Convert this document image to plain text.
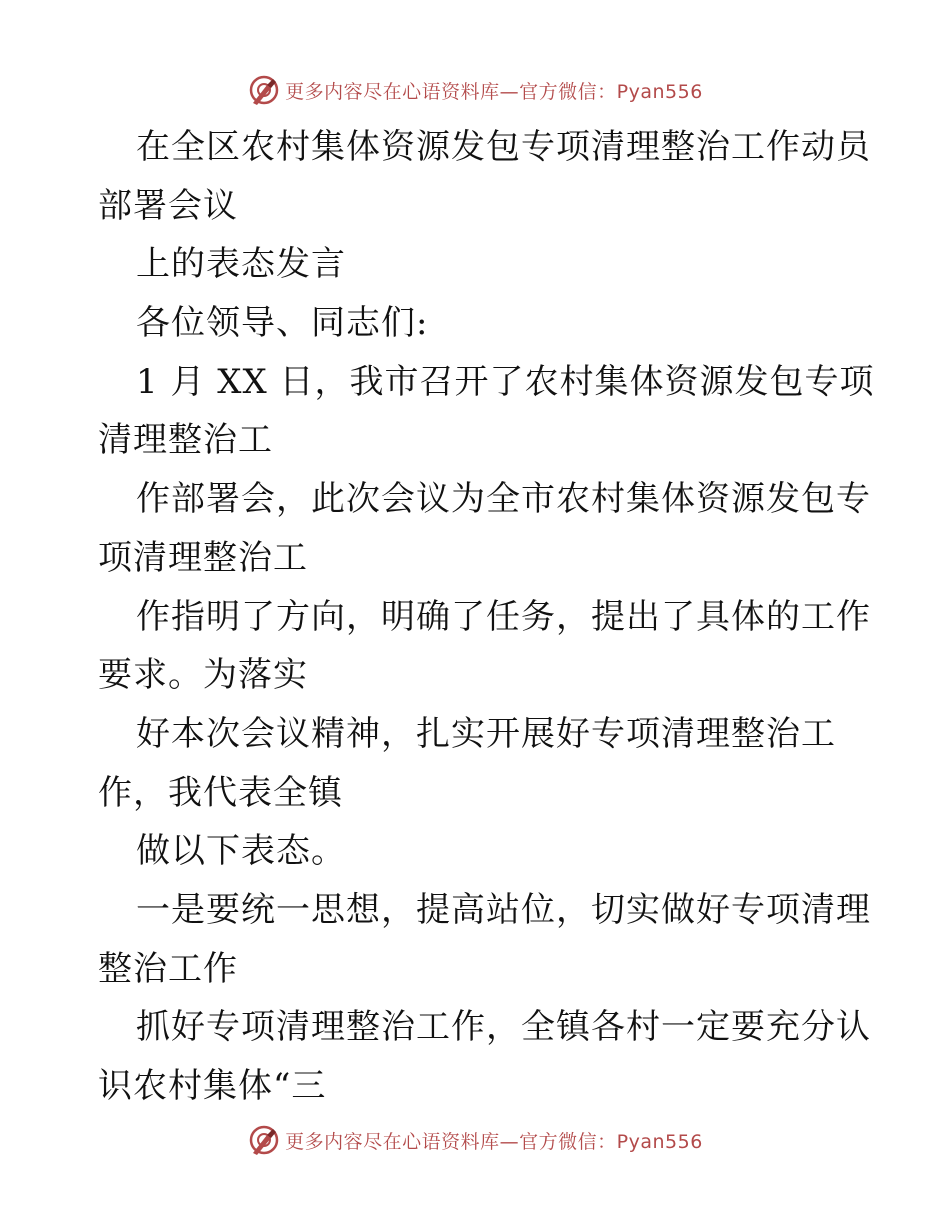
更多内容尽在心语资料库—官方微信：Pyan556
在全区农村集体资源发包专项清理整治工作动员
部署会议
上的表态发言
各位领导、同志们:
1 月 XX 日，我市召开了农村集体资源发包专项
清理整治工
作部署会，此次会议为全市农村集体资源发包专
项清理整治工
作指明了方向，明确了任务，提出了具体的工作
要求。为落实
好本次会议精神，扎实开展好专项清理整治工
作，我代表全镇
做以下表态。
一是要统一思想，提高站位，切实做好专项清理
整治工作
抓好专项清理整治工作，全镇各村一定要充分认
识农村集体“三
更多内容尽在心语资料库—官方微信：Pyan556
